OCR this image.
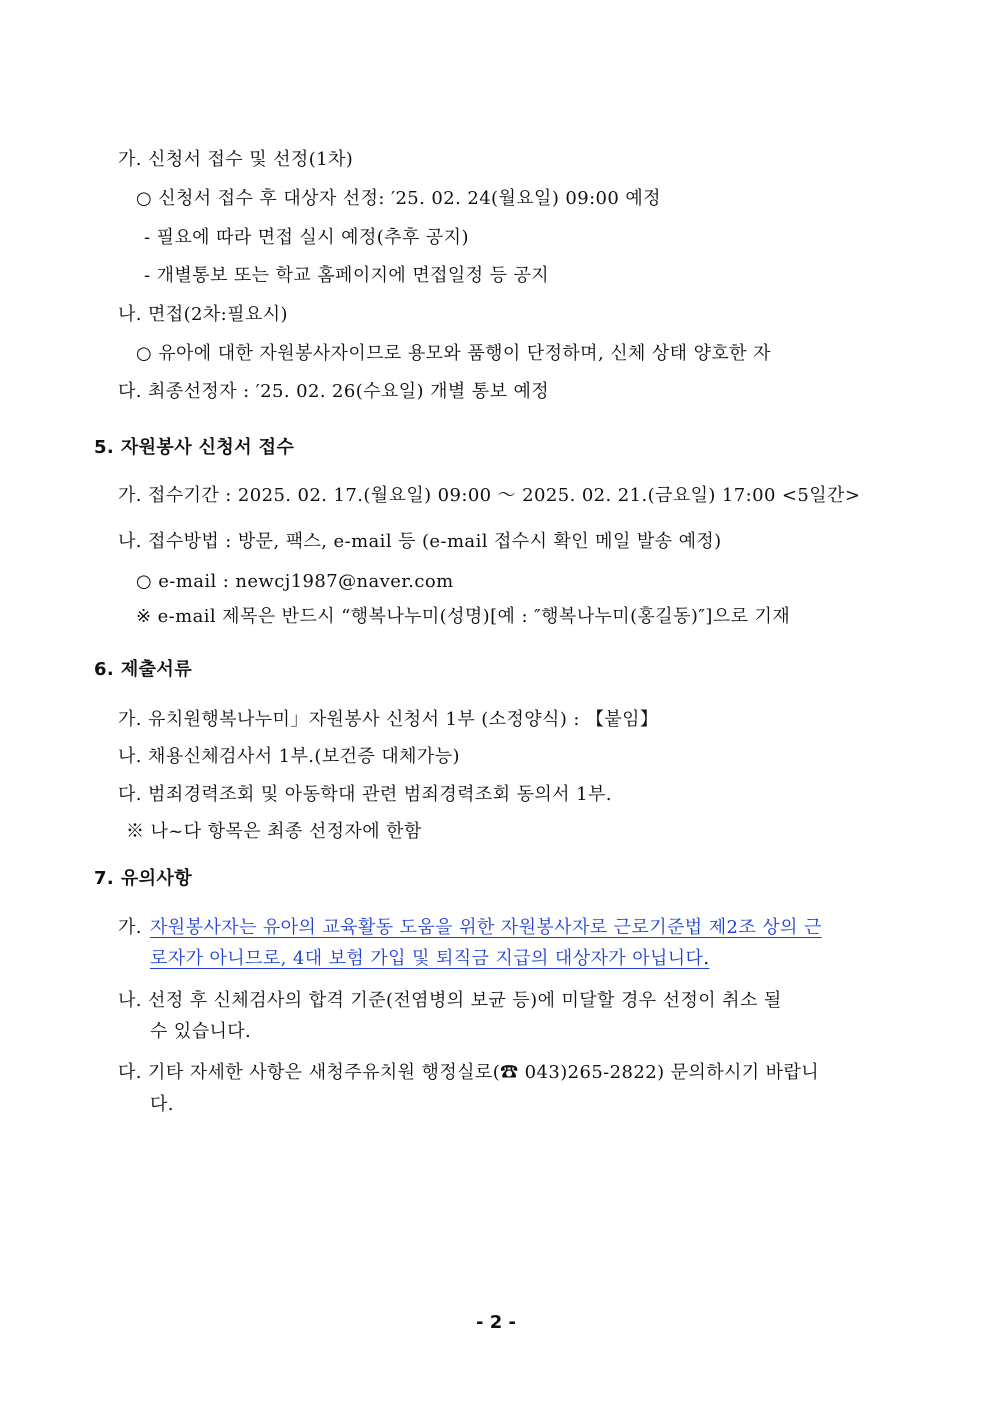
가. 신청서 접수 및 선정(1차)
○ 신청서 접수 후 대상자 선정: ′25. 02. 24(월요일) 09:00 예정
- 필요에 따라 면접 실시 예정(추후 공지)
- 개별통보 또는 학교 홈페이지에 면접일정 등 공지
나. 면접(2차:필요시)
○ 유아에 대한 자원봉사자이므로 용모와 품행이 단정하며, 신체 상태 양호한 자
다. 최종선정자 : ′25. 02. 26(수요일) 개별 통보 예정
5. 자원봉사 신청서 접수
가. 접수기간 : 2025. 02. 17.(월요일) 09:00 ～ 2025. 02. 21.(금요일) 17:00 <5일간>
나. 접수방법 : 방문, 팩스, e-mail 등 (e-mail 접수시 확인 메일 발송 예정)
○ e-mail : newcj1987@naver.com
※ e-mail 제목은 반드시 “행복나누미(성명)[예 : ″행복나누미(홍길동)″]으로 기재
6. 제출서류
가. 유치원행복나누미」자원봉사 신청서 1부 (소정양식) : 【붙임】
나. 채용신체검사서 1부.(보건증 대체가능)
다. 범죄경력조회 및 아동학대 관련 범죄경력조회 동의서 1부.
※ 나~다 항목은 최종 선정자에 한함
7. 유의사항
가. 자원봉사자는 유아의 교육활동 도움을 위한 자원봉사자로 근로기준법 제2조 상의 근
로자가 아니므로, 4대 보험 가입 및 퇴직금 지급의 대상자가 아닙니다.
나. 선정 후 신체검사의 합격 기준(전염병의 보균 등)에 미달할 경우 선정이 취소 될
수 있습니다.
다. 기타 자세한 사항은 새청주유치원 행정실로(☎ 043)265-2822) 문의하시기 바랍니
다.
- 2 -
